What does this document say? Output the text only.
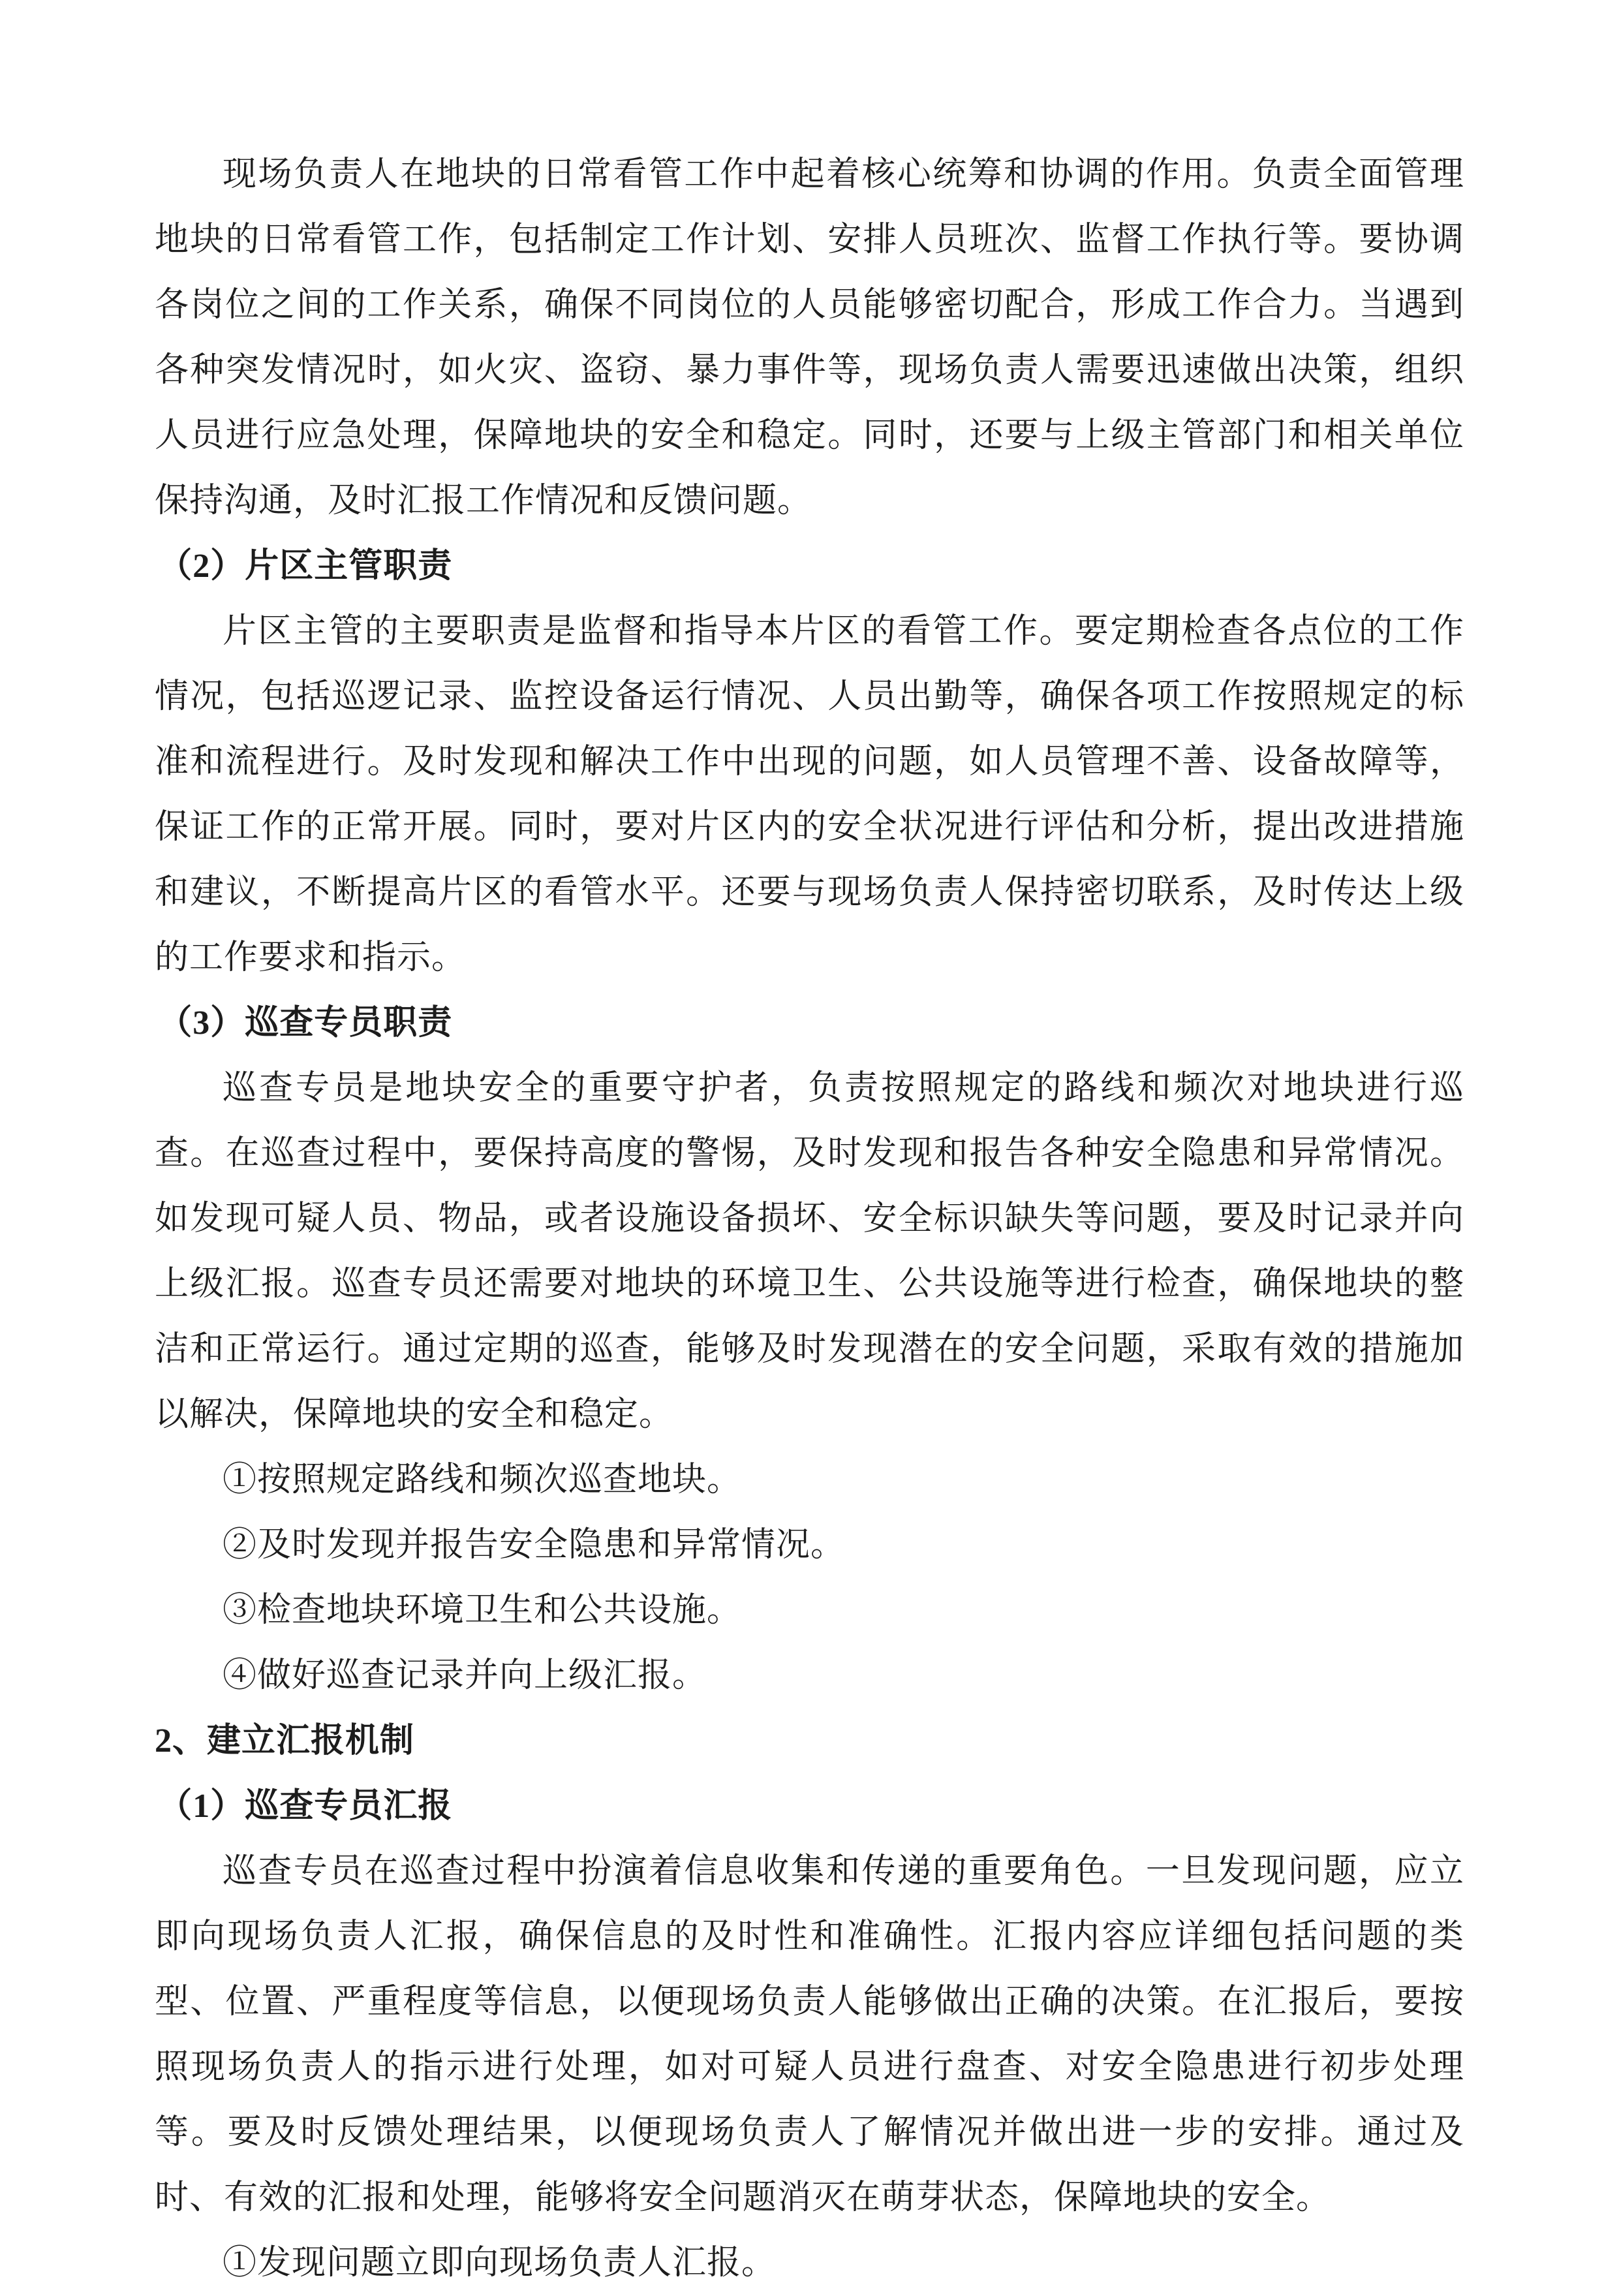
现场负责人在地块的日常看管工作中起着核心统筹和协调的作用。负责全面管理地块的日常看管工作，包括制定工作计划、安排人员班次、监督工作执行等。要协调各岗位之间的工作关系，确保不同岗位的人员能够密切配合，形成工作合力。当遇到各种突发情况时，如火灾、盗窃、暴力事件等，现场负责人需要迅速做出决策，组织人员进行应急处理，保障地块的安全和稳定。同时，还要与上级主管部门和相关单位保持沟通，及时汇报工作情况和反馈问题。

（2）片区主管职责

片区主管的主要职责是监督和指导本片区的看管工作。要定期检查各点位的工作情况，包括巡逻记录、监控设备运行情况、人员出勤等，确保各项工作按照规定的标准和流程进行。及时发现和解决工作中出现的问题，如人员管理不善、设备故障等，保证工作的正常开展。同时，要对片区内的安全状况进行评估和分析，提出改进措施和建议，不断提高片区的看管水平。还要与现场负责人保持密切联系，及时传达上级的工作要求和指示。

（3）巡查专员职责

巡查专员是地块安全的重要守护者，负责按照规定的路线和频次对地块进行巡查。在巡查过程中，要保持高度的警惕，及时发现和报告各种安全隐患和异常情况。如发现可疑人员、物品，或者设施设备损坏、安全标识缺失等问题，要及时记录并向上级汇报。巡查专员还需要对地块的环境卫生、公共设施等进行检查，确保地块的整洁和正常运行。通过定期的巡查，能够及时发现潜在的安全问题，采取有效的措施加以解决，保障地块的安全和稳定。

①按照规定路线和频次巡查地块。

②及时发现并报告安全隐患和异常情况。

③检查地块环境卫生和公共设施。

④做好巡查记录并向上级汇报。

2、建立汇报机制
（1）巡查专员汇报

巡查专员在巡查过程中扮演着信息收集和传递的重要角色。一旦发现问题，应立即向现场负责人汇报，确保信息的及时性和准确性。汇报内容应详细包括问题的类型、位置、严重程度等信息，以便现场负责人能够做出正确的决策。在汇报后，要按照现场负责人的指示进行处理，如对可疑人员进行盘查、对安全隐患进行初步处理等。要及时反馈处理结果，以便现场负责人了解情况并做出进一步的安排。通过及时、有效的汇报和处理，能够将安全问题消灭在萌芽状态，保障地块的安全。

①发现问题立即向现场负责人汇报。
